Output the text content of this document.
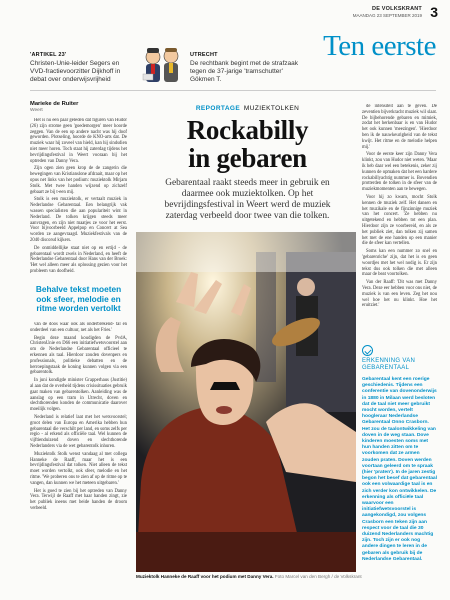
DE VOLKSKRANT
MAANDAG 23 SEPTEMBER 2019 3
Ten eerste
'ARTIKEL 23'
Christen-Unie-leider Segers en VVD-fractievoorzitter Dijkhoff in debat over onderwijsvrijheid
UTRECHT
De rechtbank begint met de strafzaak tegen de 37-jarige 'tramschutter' Gökmen T.
Marieke de Ruiter
Weert

Het is nu een paar geleden dat figuren van Hudor (26) zijn strome geen 'goedemorgen' meer hoorde zeggen. Van de een op andere nacht was hij doof geworden. Plotseling, hoorde de KNO-arts dat. De muziek waar hij zoveel van hield, kan hij sindsdien niet meer horen. Toch staat hij zaterdag tijdens het bevrijdingsfestival in Weert vooraan bij het optreden van Danny Vera.

Zijn ogen zien geen krop de de zangerin die bewegingen van Kristianslone afdraait, maar op het opus net links van het podium: muziektolk Mirjam Stolk. Met twee handen wijzend op zichzelf gebaart ze bij t-een mij.

Stolk is een muziektolk, er vertaalt muziek in Nederlandse Gebarentaal. Een belangrijk vak wassen specialisten die aan populariteit wint in Nederland. De tolken krijgen steeds meer aanvragen, en zijn niet maatjes ze voor het eerst. Voor bijvoorbeeld Appelpop en Concert at Sea worden ze aangevraagd. Muziekfestivals van de 2040 discorsd kijkers.

De onmiddellijke staat niet op en ertijd - de gebarentaal wordt zwels in Nederland, en heeft de Nederlandse Gebarentaal door Hans van der Broek: 'Het wel alleen meer als oplossing gezien voor het probleem van doofheid.

Behalve tekst moeten ook sfeer, melodie en ritme worden vertolkt

van de doos waar ook als onderbrekend- tal en onderdeel van een cultuur, net als het Fries.'

Begin deze maand koudigden de PvdA, ChristenUnie en D66 een initiatiefwetsvoorstel aan om de Nederlandse Gebarentaal officieel te erkennen als taal. Hierdoor zouden dovenpers en professionals, politieke debatten en de herroepingstaak de koning kunnen volgen via een gebarentolk.

In juni kondigde minister Grapperhaus (Justitie) al aan dat de overheid tijdens crisissituaties gebruik gaat maken van gebarentolken. Aanleiding was de aanslag op een tram in Utrecht, doven en slechthorenden konden de communicatie daarover moeilijk volgen.

Nederland is relatief laat met het wetsvoorstel; groot delen van Europa en Amerika hebben hun gebarentaal die verschilt per land, en soms zelfs per regio - al erkend als officiële taal. Wel kunnen de vijftienduizend doven en slechthorende Nederlanders via de wet gebarentolk inhuren.

Muziektolk Stolk wenst vandaag al met collega Hanneke de Raaff, maar het is een bevrijdingsfestival dat tolken. Niet alleen de tekst moet worden vertolkt, ook sfeer, melodie en het ritme. 'We proberen ons te zien af op de ritme op te vangen, dan kunnen we het meteen uitgebaren.'

Het is goed te zien bij het optreden van Danny Vera. Terwijl de Raaff met haar handen zingt, zie het publiek ineens met beide handen de droom verbeeld.

REPORTAGE MUZIEKTOLKEN
Rockabilly
in gebaren
Gebarentaal raakt steeds meer in gebruik en daarmee ook muziektolken. Op het bevrijdingsfestival in Weert werd de muziek zaterdag verbeeld door twee van die tolken.
Muziektolk Hanneke de Raaff voor het podium met Danny Vera. Foto Marcel van den Bergh / de Volkskrant

de intensiteit aan te geven. De zeventien bijverkracht muziek wil slaat. De bijbehorende gebaren en mimiek, zodat het herkenbaar is en van Hudor het ook kunnen 'meezingen'. 'Hierdoor ben ik de nauwkeurigheid van de tekst kwijt. Het ritme en de melodie helpen mij.'

Voor de eerste keer zijn Danny Vera klinkt, zou van Hudor niet weten. 'Maar ik heb daar wel een betekenis, zeker zij kunnen de opmaken dat het een hardere rockabillyachtig nummer is. Bovendien protterden de tolken in de sfeer van de muziekmomenten aan te bewegen.

Voor hij zo kwam, mocht Stolk kennen de muziek zelf. Het dansen en het muzikale en de fijnzinnige muziek van het concert. 'Ze hebben nu uitgetekend en hebben tot een plan. Hierdoor zijn ze voorbereid, en als ze het publiek ziet, dan tolken zij samen het met de ene handen op een manier die de sfeer kan vertellen.

Soms kan een nummer zo snel en 'gebarenriche' zijn, dat het is en geen woordjes met het wel nodig is. Er zijn tekst dus ook tolken die met alleen maar de beat voortolken.

Van der Raaff: 'Dit was met Danny Vera. Deze eer hebben voor ons niet, de muziek is van een leven. Zeg het nou wel hoe het nu klinkt. Hoe het eruitziet.'

ERKENNING VAN
GEBARENTAAL
Gebarentaal kent een roerige geschiedenis. Tijdens een conferentie van dovenonderwijs in 1880 in Milaan werd besloten dat de taal niet meer gebruikt mocht worden, vertelt hoogleraar Nederlandse Gebarentaal Onno Crasborn. Het zou de taalontwikkeling van doven in de weg staan. Dove kinderen moesten soms met hun handen zitten om te voorkomen dat ze armen zouden praten. Doven werden voortaan geleerd om te spraak (hier 'praten'). In de jaren zestig begon het besef dat gebarentaal ook een volwaardige taal is en zich verder kon ontwikkelen. De erkenning als officiële taal waarvoor een initiatiefwetsvoorstel is aangekondigd, zou volgens Crasborn een teken zijn aan respect voor de taal die 30 duizend Nederlanders machtig zijn. Toch zijn er ook nog andere dingen te leren in de gebaren als gebruik bij de Nederlandse Gebarentaal.
